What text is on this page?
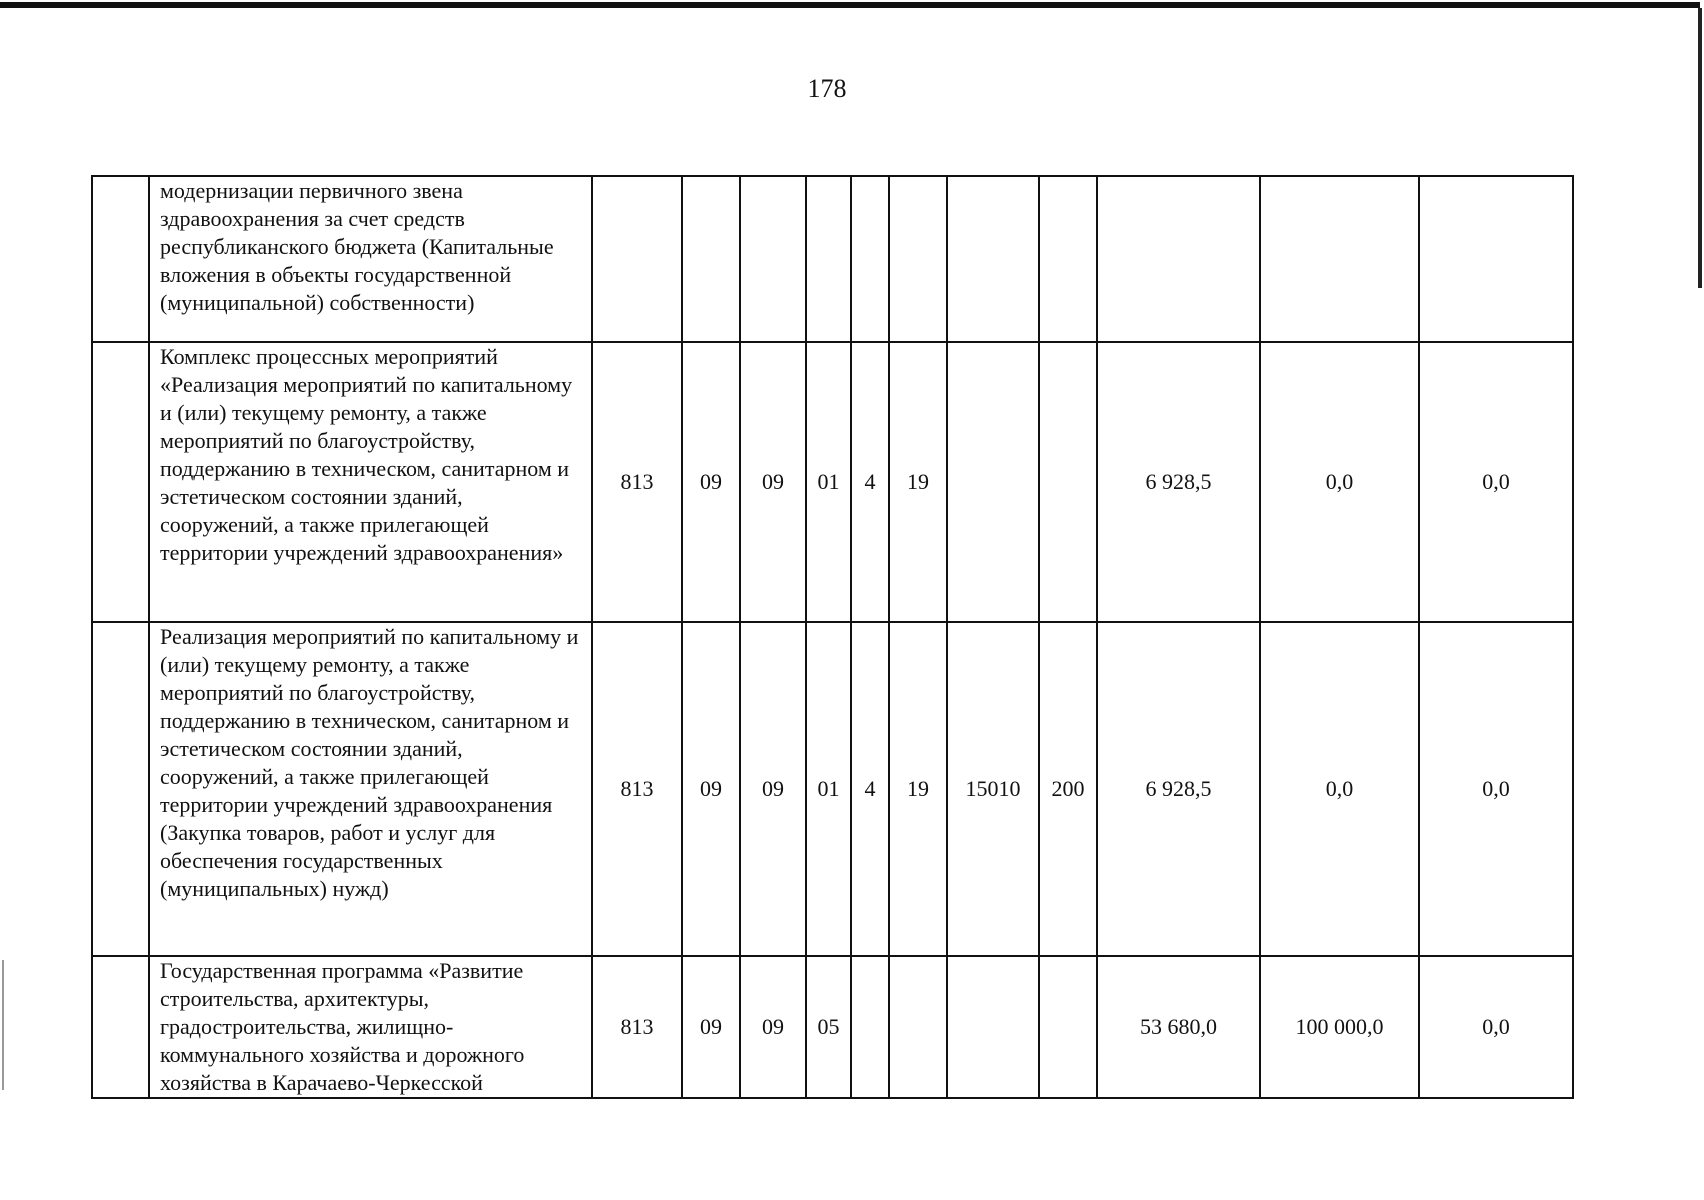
178
	модернизации первичного звена здравоохранения за счет средств республиканского бюджета (Капитальные вложения в объекты государственной (муниципальной) собственности)											
	Комплекс процессных мероприятий «Реализация мероприятий по капитальному и (или) текущему ремонту, а также мероприятий по благоустройству, поддержанию в техническом, санитарном и эстетическом состоянии зданий, сооружений, а также прилегающей территории учреждений здравоохранения»	813	09	09	01	4	19			6 928,5	0,0	0,0
	Реализация мероприятий по капитальному и (или) текущему ремонту, а также мероприятий по благоустройству, поддержанию в техническом, санитарном и эстетическом состоянии зданий, сооружений, а также прилегающей территории учреждений здравоохранения (Закупка товаров, работ и услуг для обеспечения государственных (муниципальных) нужд)	813	09	09	01	4	19	15010	200	6 928,5	0,0	0,0
	Государственная программа «Развитие строительства, архитектуры, градостроительства, жилищно-коммунального хозяйства и дорожного хозяйства в Карачаево-Черкесской	813	09	09	05					53 680,0	100 000,0	0,0
